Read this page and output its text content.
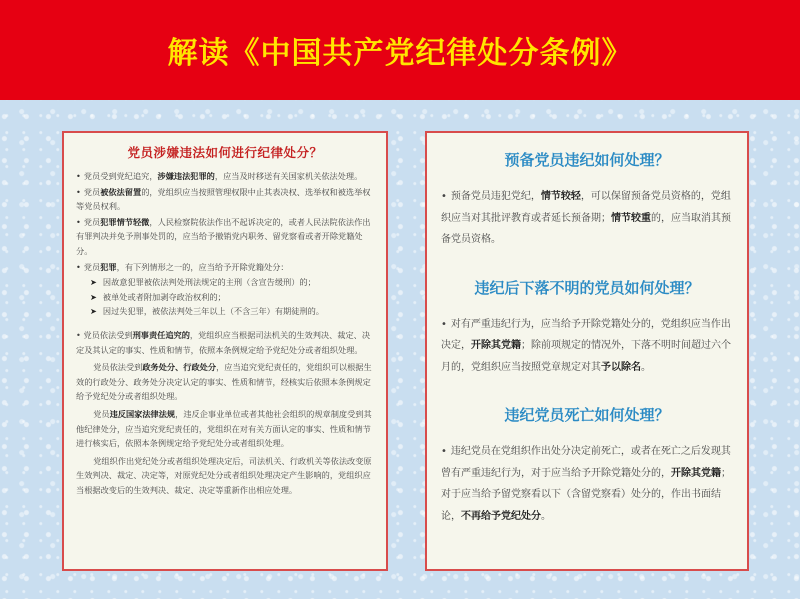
解读《中国共产党纪律处分条例》
党员涉嫌违法如何进行纪律处分？
• 党员受到党纪追究，涉嫌违法犯罪的，应当及时移送有关国家机关依法处理。
• 党员被依法留置的，党组织应当按照管理权限中止其表决权、选举权和被选举权等党员权利。
• 党员犯罪情节轻微，人民检察院依法作出不起诉决定的，或者人民法院依法作出有罪判决并免予刑事处罚的，应当给予撤销党内职务、留党察看或者开除党籍处分。
• 党员犯罪，有下列情形之一的，应当给予开除党籍处分：
➤ 因故意犯罪被依法判处刑法规定的主刑（含宣告缓刑）的；
➤ 被单处或者附加剥夺政治权利的；
➤ 因过失犯罪，被依法判处三年以上（不含三年）有期徒刑的。
• 党员依法受到刑事责任追究的，党组织应当根据司法机关的生效判决、裁定、决定及其认定的事实、性质和情节，依照本条例规定给予党纪处分或者组织处理。
党员依法受到政务处分、行政处分，应当追究党纪责任的，党组织可以根据生效的行政处分、政务处分决定认定的事实、性质和情节，经核实后依照本条例规定给予党纪处分或者组织处理。
党员违反国家法律法规，违反企事业单位或者其他社会组织的规章制度受到其他纪律处分，应当追究党纪责任的，党组织在对有关方面认定的事实、性质和情节进行核实后，依照本条例规定给予党纪处分或者组织处理。
党组织作出党纪处分或者组织处理决定后，司法机关、行政机关等依法改变原生效判决、裁定、决定等，对原党纪处分或者组织处理决定产生影响的，党组织应当根据改变后的生效判决、裁定、决定等重新作出相应处理。
预备党员违纪如何处理？
• 预备党员违犯党纪，情节较轻，可以保留预备党员资格的，党组织应当对其批评教育或者延长预备期；情节较重的，应当取消其预备党员资格。
违纪后下落不明的党员如何处理？
• 对有严重违纪行为，应当给予开除党籍处分的，党组织应当作出决定，开除其党籍；除前项规定的情况外，下落不明时间超过六个月的，党组织应当按照党章规定对其予以除名。
违纪党员死亡如何处理？
• 违纪党员在党组织作出处分决定前死亡，或者在死亡之后发现其曾有严重违纪行为，对于应当给予开除党籍处分的，开除其党籍；对于应当给予留党察看以下（含留党察看）处分的，作出书面结论，不再给予党纪处分。
